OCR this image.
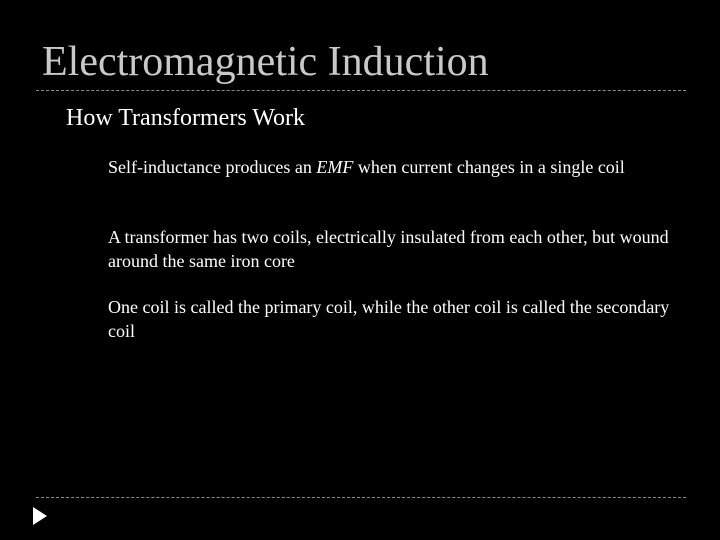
Electromagnetic Induction
How Transformers Work
Self-inductance produces an EMF when current changes in a single coil
A transformer has two coils, electrically insulated from each other, but wound around the same iron core
One coil is called the primary coil, while the other coil is called the secondary coil
